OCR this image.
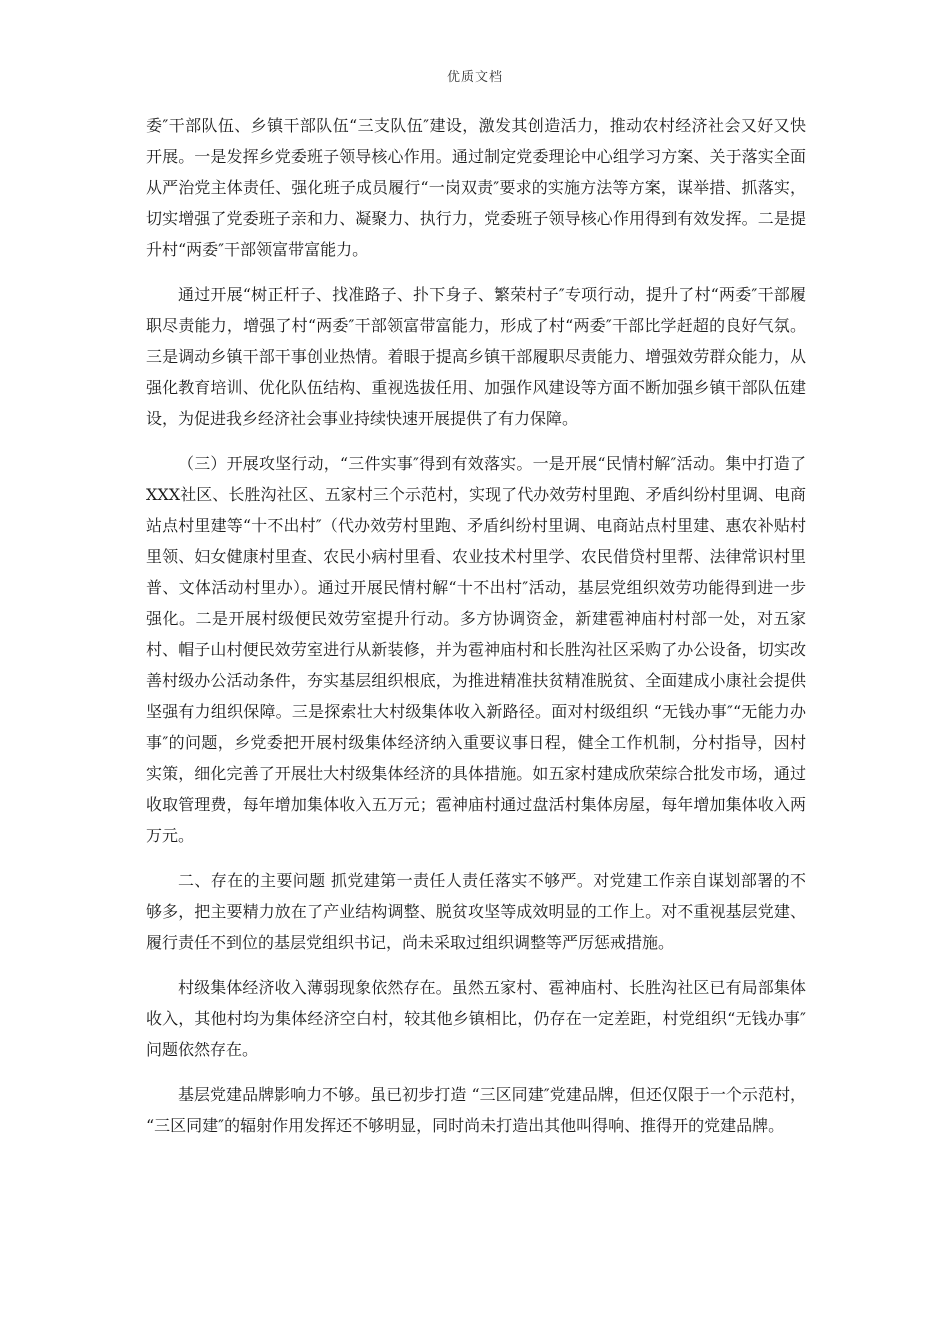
优质文档

委″干部队伍、乡镇干部队伍“三支队伍″建设，激发其创造活力，推动农村经济社会又好又快开展。一是发挥乡党委班子领导核心作用。通过制定党委理论中心组学习方案、关于落实全面从严治党主体责任、强化班子成员履行“一岗双责″要求的实施方法等方案，谋举措、抓落实，切实增强了党委班子亲和力、凝聚力、执行力，党委班子领导核心作用得到有效发挥。二是提升村“两委″干部领富带富能力。

通过开展“树正杆子、找准路子、扑下身子、繁荣村子″专项行动，提升了村“两委″干部履职尽责能力，增强了村“两委″干部领富带富能力，形成了村“两委″干部比学赶超的良好气氛。三是调动乡镇干部干事创业热情。着眼于提高乡镇干部履职尽责能力、增强效劳群众能力，从强化教育培训、优化队伍结构、重视选拔任用、加强作风建设等方面不断加强乡镇干部队伍建设，为促进我乡经济社会事业持续快速开展提供了有力保障。

（三）开展攻坚行动，“三件实事″得到有效落实。一是开展“民情村解″活动。集中打造了XXX社区、长胜沟社区、五家村三个示范村，实现了代办效劳村里跑、矛盾纠纷村里调、电商站点村里建等“十不出村″（代办效劳村里跑、矛盾纠纷村里调、电商站点村里建、惠农补贴村里领、妇女健康村里查、农民小病村里看、农业技术村里学、农民借贷村里帮、法律常识村里普、文体活动村里办）。通过开展民情村解“十不出村″活动，基层党组织效劳功能得到进一步强化。二是开展村级便民效劳室提升行动。多方协调资金，新建雹神庙村村部一处，对五家村、帽子山村便民效劳室进行从新装修，并为雹神庙村和长胜沟社区采购了办公设备，切实改善村级办公活动条件，夯实基层组织根底，为推进精准扶贫精准脱贫、全面建成小康社会提供坚强有力组织保障。三是探索壮大村级集体收入新路径。面对村级组织 “无钱办事″“无能力办事″的问题，乡党委把开展村级集体经济纳入重要议事日程，健全工作机制，分村指导，因村实策，细化完善了开展壮大村级集体经济的具体措施。如五家村建成欣荣综合批发市场，通过收取管理费，每年增加集体收入五万元；雹神庙村通过盘活村集体房屋，每年增加集体收入两万元。

二、存在的主要问题 抓党建第一责任人责任落实不够严。对党建工作亲自谋划部署的不够多，把主要精力放在了产业结构调整、脱贫攻坚等成效明显的工作上。对不重视基层党建、履行责任不到位的基层党组织书记，尚未采取过组织调整等严厉惩戒措施。

村级集体经济收入薄弱现象依然存在。虽然五家村、雹神庙村、长胜沟社区已有局部集体收入，其他村均为集体经济空白村，较其他乡镇相比，仍存在一定差距，村党组织“无钱办事″问题依然存在。

基层党建品牌影响力不够。虽已初步打造 “三区同建″党建品牌，但还仅限于一个示范村， “三区同建″的辐射作用发挥还不够明显，同时尚未打造出其他叫得响、推得开的党建品牌。
